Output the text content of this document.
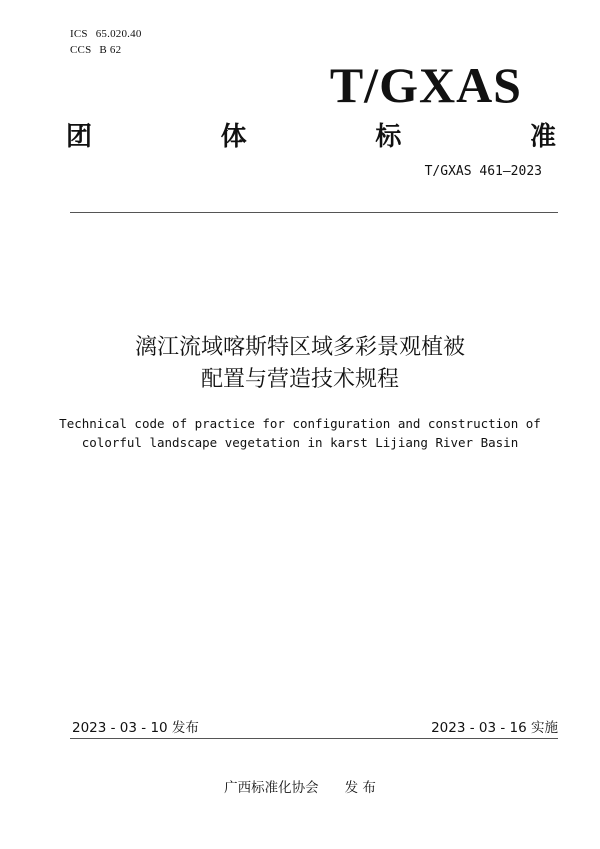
ICS 65.020.40
CCS B 62
T/GXAS
团	体	标	准
T/GXAS 461—2023
漓江流域喀斯特区域多彩景观植被
配置与营造技术规程
Technical code of practice for configuration and construction of
colorful landscape vegetation in karst Lijiang River Basin
2023 - 03 - 10 发布	2023 - 03 - 16 实施
广西标准化协会 发 布
